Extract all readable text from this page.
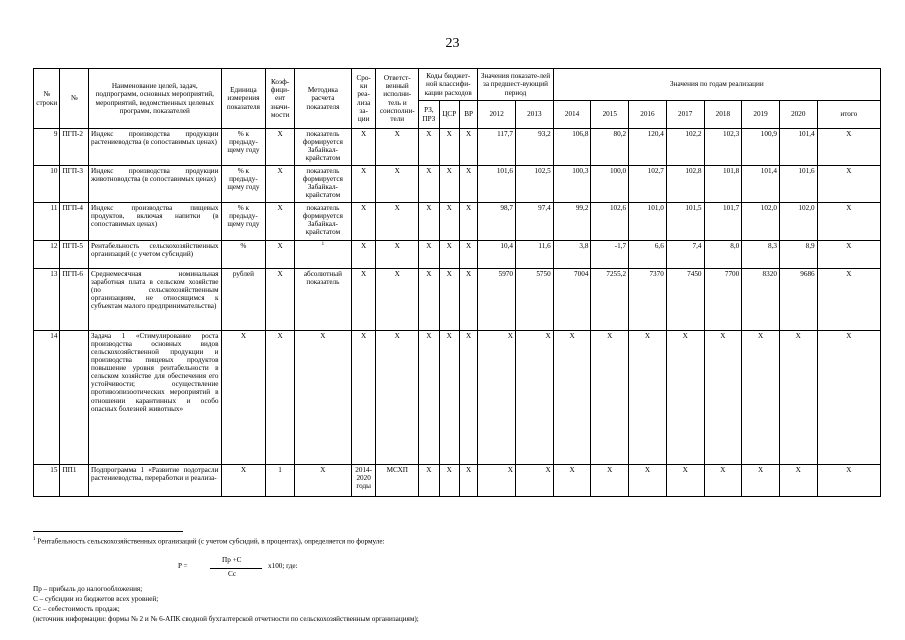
23
№ строки	№	Наименование целей, задач, подпрограмм, основных мероприятий, мероприятий, ведомственных целевых программ, показателей	Единица измерения показателя	Коэф-фици-ент значи-мости	Методика расчета показателя	Сро-ки реа-лиза за-ции	Ответст-венный исполни-тель и соисполни-тели	Коды бюджет-ной классифи-кации расходов			Значения показате-лей за предшест-вующий период		Значения по годам реализации							
								РЗ, ПРЗ	ЦСР	ВР	2012	2013	2014	2015	2016	2017	2018	2019	2020	итого
9	ПГП-2	Индекс производства продукции растениеводства (в сопоставимых ценах)	% к предыду-щему году	X	показатель формируется Забайкал-крайстатом	X	X	X	X	X	117,7	93,2	106,8	80,2	120,4	102,2	102,3	100,9	101,4	X
10	ПГП-3	Индекс производства продукции животноводства (в сопоставимых ценах)	% к предыду-щему году	X	показатель формируется Забайкал-крайстатом	X	X	X	X	X	101,6	102,5	100,3	100,0	102,7	102,8	101,8	101,4	101,6	X
11	ПГП-4	Индекс производства пищевых продуктов, включая напитки (в сопоставимых ценах)	% к предыду-щему году	X	показатель формируется Забайкал-крайстатом	X	X	X	X	X	98,7	97,4	99,2	102,6	101,0	101,5	101,7	102,0	102,0	X
12	ПГП-5	Рентабельность сельскохозяйственных организаций (с учетом субсидий)	%	X	1	X	X	X	X	X	10,4	11,6	3,8	-1,7	6,6	7,4	8,0	8,3	8,9	X
13	ПГП-6	Среднемесячная номинальная заработная плата в сельском хозяйстве (по сельскохозяйственным организациям, не относящимся к субъектам малого предпринимательства)	рублей	X	абсолютный показатель	X	X	X	X	X	5970	5750	7004	7255,2	7370	7450	7700	8320	9686	X
14		Задача 1 «Стимулирование роста производства основных видов сельскохозяйственной продукции и производства пищевых продуктов повышение уровня рентабельности в сельском хозяйстве для обеспечения его устойчивости; осуществление противоэпизоотических мероприятий в отношении карантинных и особо опасных болезней животных»	X	X	X	X	X	X	X	X	X	X	X	X	X	X	X	X	X	X
15	ПП1	Подпрограмма 1 «Развитие подотрасли растениеводства, переработки и реализа-	X	1	X	2014-2020 годы	МСХП	X	X	X	X	X	X	X	X	X	X	X	X	X
$^1$ Рентабельность сельскохозяйственных организаций (с учетом субсидий, в процентах), определяется по формуле:
P =
Пр +С
Сс
х100; где:
Пр – прибыль до налогообложения;
С – субсидии из бюджетов всех уровней;
Сс – себестоимость продаж;
(источник информации: формы № 2 и № 6-АПК сводной бухгалтерской отчетности по сельскохозяйственным организациям);
